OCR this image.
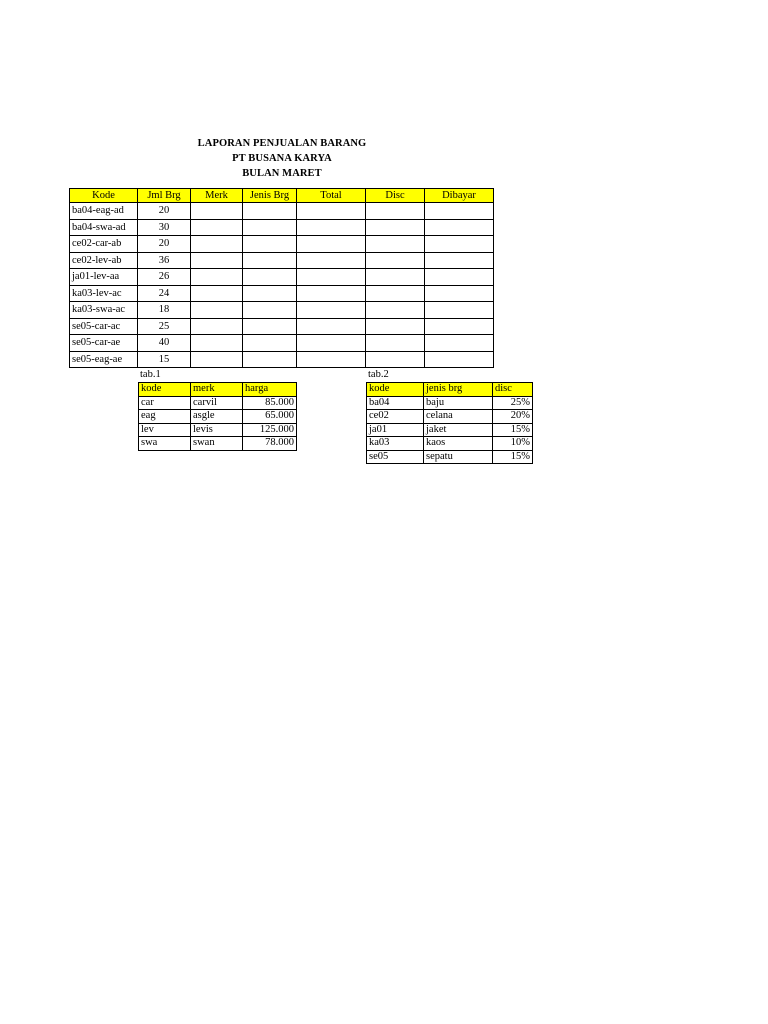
LAPORAN PENJUALAN BARANG
PT BUSANA KARYA
BULAN MARET
Kode	Jml Brg	Merk	Jenis Brg	Total	Disc	Dibayar
ba04-eag-ad	20					
ba04-swa-ad	30					
ce02-car-ab	20					
ce02-lev-ab	36					
ja01-lev-aa	26					
ka03-lev-ac	24					
ka03-swa-ac	18					
se05-car-ac	25					
se05-car-ae	40					
se05-eag-ae	15					
tab.1	tab.2
kode	merk	harga
car	carvil	85.000
eag	asgle	65.000
lev	levis	125.000
swa	swan	78.000
kode	jenis brg	disc
ba04	baju	25%
ce02	celana	20%
ja01	jaket	15%
ka03	kaos	10%
se05	sepatu	15%
